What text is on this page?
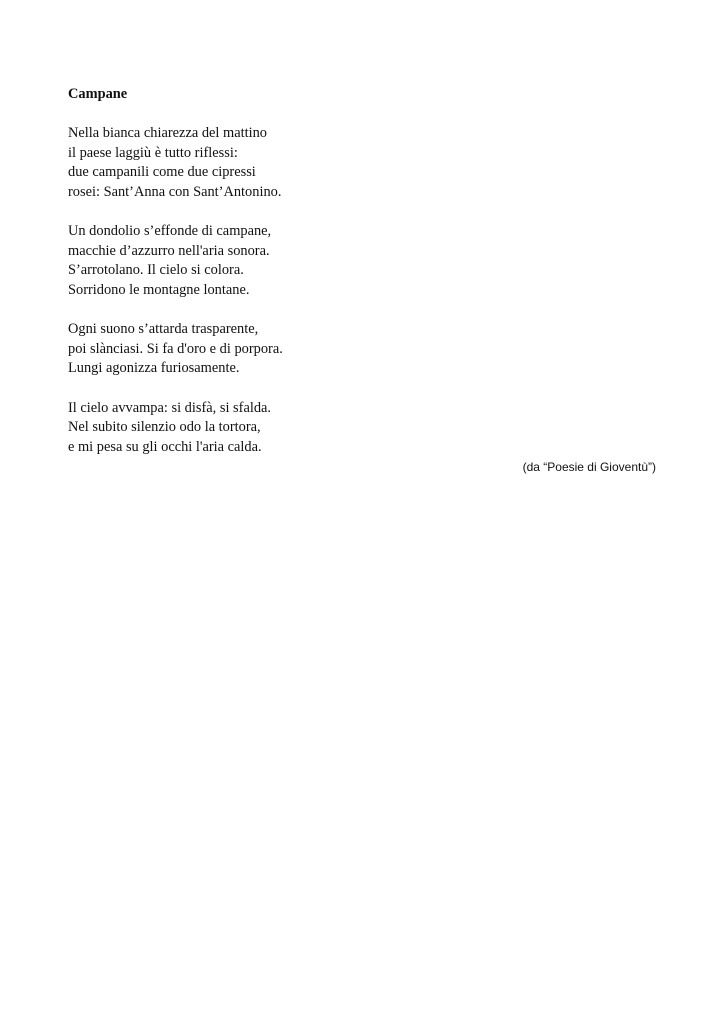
Campane
Nella bianca chiarezza del mattino
il paese laggiù è tutto riflessi:
due campanili come due cipressi
rosei: Sant’Anna con Sant’Antonino.
Un dondolio s’effonde di campane,
macchie d’azzurro nell'aria sonora.
S’arrotolano. Il cielo si colora.
Sorridono le montagne lontane.
Ogni suono s’attarda trasparente,
poi slànciasi. Si fa d'oro e di porpora.
Lungi agonizza furiosamente.
Il cielo avvampa: si disfà, si sfalda.
Nel subito silenzio odo la tortora,
e mi pesa su gli occhi l'aria calda.
(da “Poesie di Gioventù”)
